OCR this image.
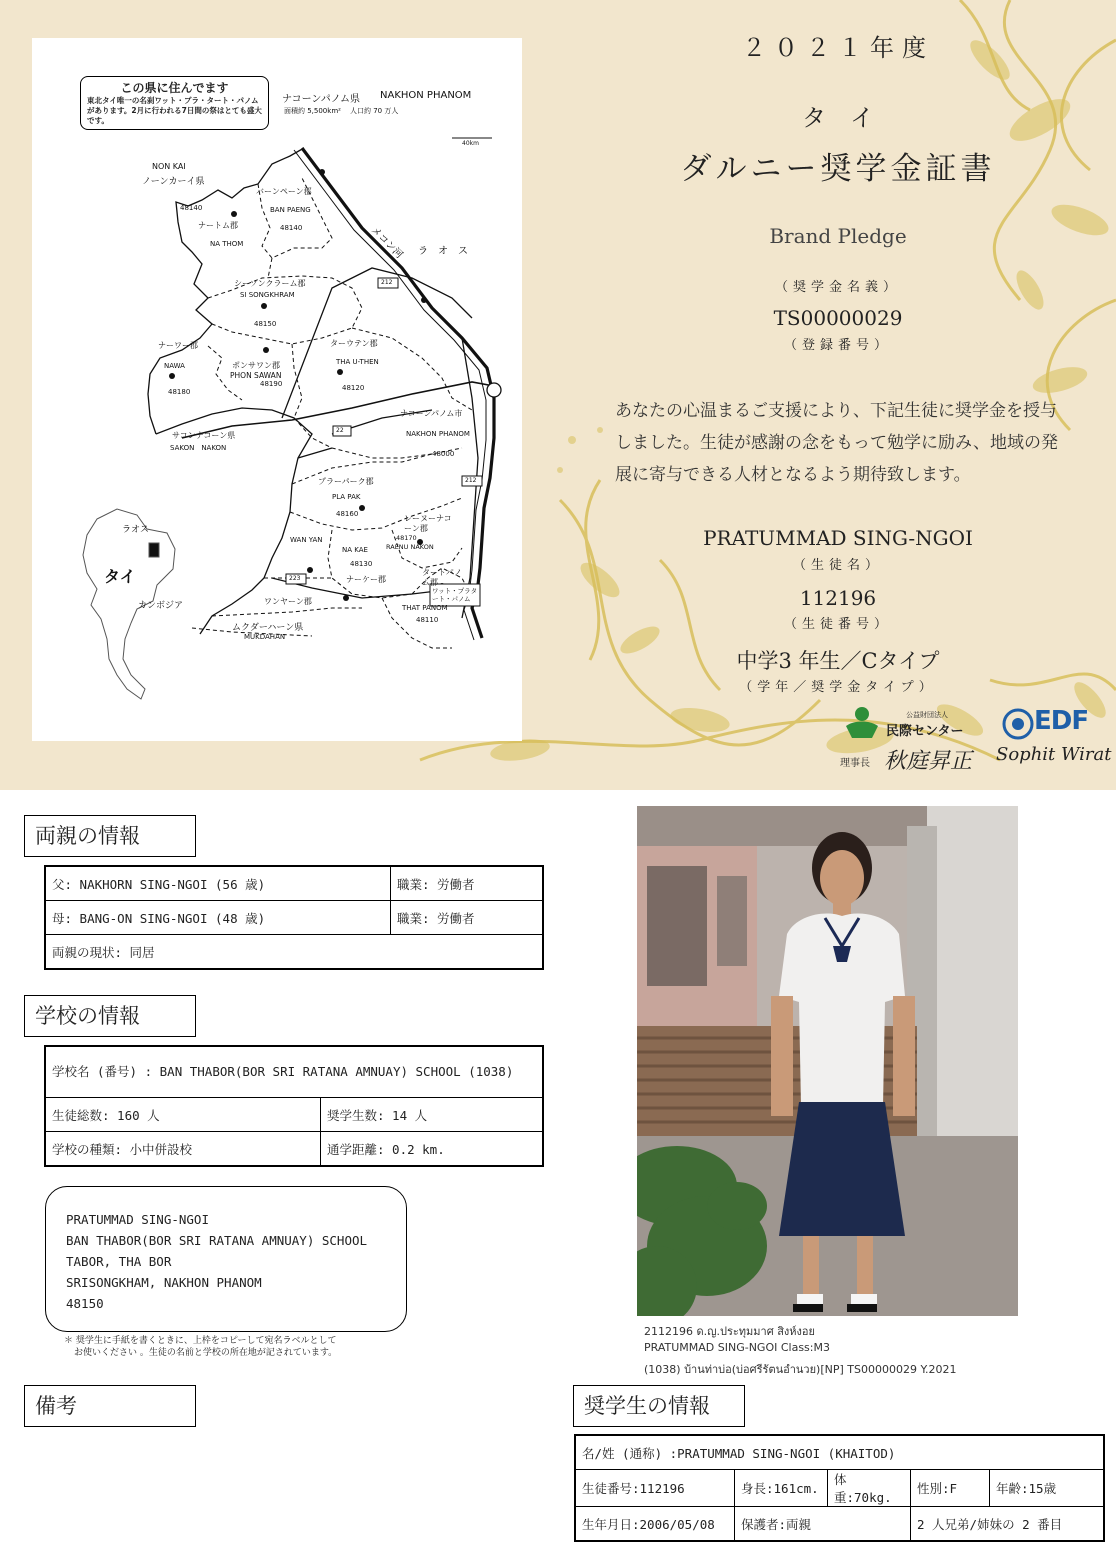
この県に住んでます
東北タイ唯一の名刹ワット・プラ・タート・パノムがあります。2月に行われる7日間の祭はとても盛大です。
ナコーンパノム県 NAKHON PHANOM
面積約 5,500km² 人口約 70 万人
40km
NON KAI
ノーンカーイ県
バーンペーン郡
BAN PAENG
48140
ナートム郡
48140
NA THOM
シーソンクラーム郡
SI SONGKHRAM
48150
ナーワー郡
NAWA
48180
ポンサワン郡
PHON SAWAN
48190
ターウテン郡
THA U-THEN
48120
ナコーンパノム市
NAKHON PHANOM
48000
サコンナコーン県
SAKON　NAKON
プラーパーク郡
PLA PAK
48160	レーヌーナコーン郡
RAENU NAKON
48170
WAN YAN
NA KAE
48130
ナーケー郡
タートパノム郡
THAT PANOM
48110
ワンヤーン郡
ムクダーハーン県
MUKDAHAN
ワット・プラタート・パノム
メコン河 ラ　オ　ス
212
22
212
223
ラオス
タイ
カンボジア
２０２１年度
タ　イ
ダルニー奨学金証書
Brand Pledge
（奨学金名義）
TS00000029
（登録番号）
あなたの心温まるご支援により、下記生徒に奨学金を授与しました。生徒が感謝の念をもって勉学に励み、地域の発展に寄与できる人材となるよう期待致します。
PRATUMMAD SING-NGOI
（生徒名）
112196
（生徒番号）
中学3 年生／Cタイプ
（学年／奨学金タイプ）
公益財団法人
民際センター
理事長 秋庭昇正
EDF
Sophit Wirat
両親の情報
父: NAKHORN SING-NGOI (56 歳)	職業: 労働者
母: BANG-ON SING-NGOI (48 歳)	職業: 労働者
両親の現状: 同居	
学校の情報
学校名 (番号) : BAN THABOR(BOR SRI RATANA AMNUAY) SCHOOL (1038)	
生徒総数: 160 人	奨学生数: 14 人
学校の種類: 小中併設校	通学距離: 0.2 km.
PRATUMMAD SING-NGOI
BAN THABOR(BOR SRI RATANA AMNUAY) SCHOOL
TABOR, THA BOR
SRISONGKHAM, NAKHON PHANOM
48150
＊ 奨学生に手紙を書くときに、上枠をコピーして宛名ラベルとして
お使いください 。生徒の名前と学校の所在地が記されています。
備考
2112196 ด.ญ.ประทุมมาศ สิงห์งอย
PRATUMMAD SING-NGOI Class:M3
(1038) บ้านท่าบ่อ(บ่อศรีรัตนอำนวย)[NP] TS00000029 Y.2021
奨学生の情報
名/姓 (通称) :PRATUMMAD SING-NGOI (KHAITOD)				
生徒番号:112196	身長:161cm.	体重:70kg.	性別:F	年齢:15歳
生年月日:2006/05/08	保護者:両親		2 人兄弟/姉妹の 2 番目	
